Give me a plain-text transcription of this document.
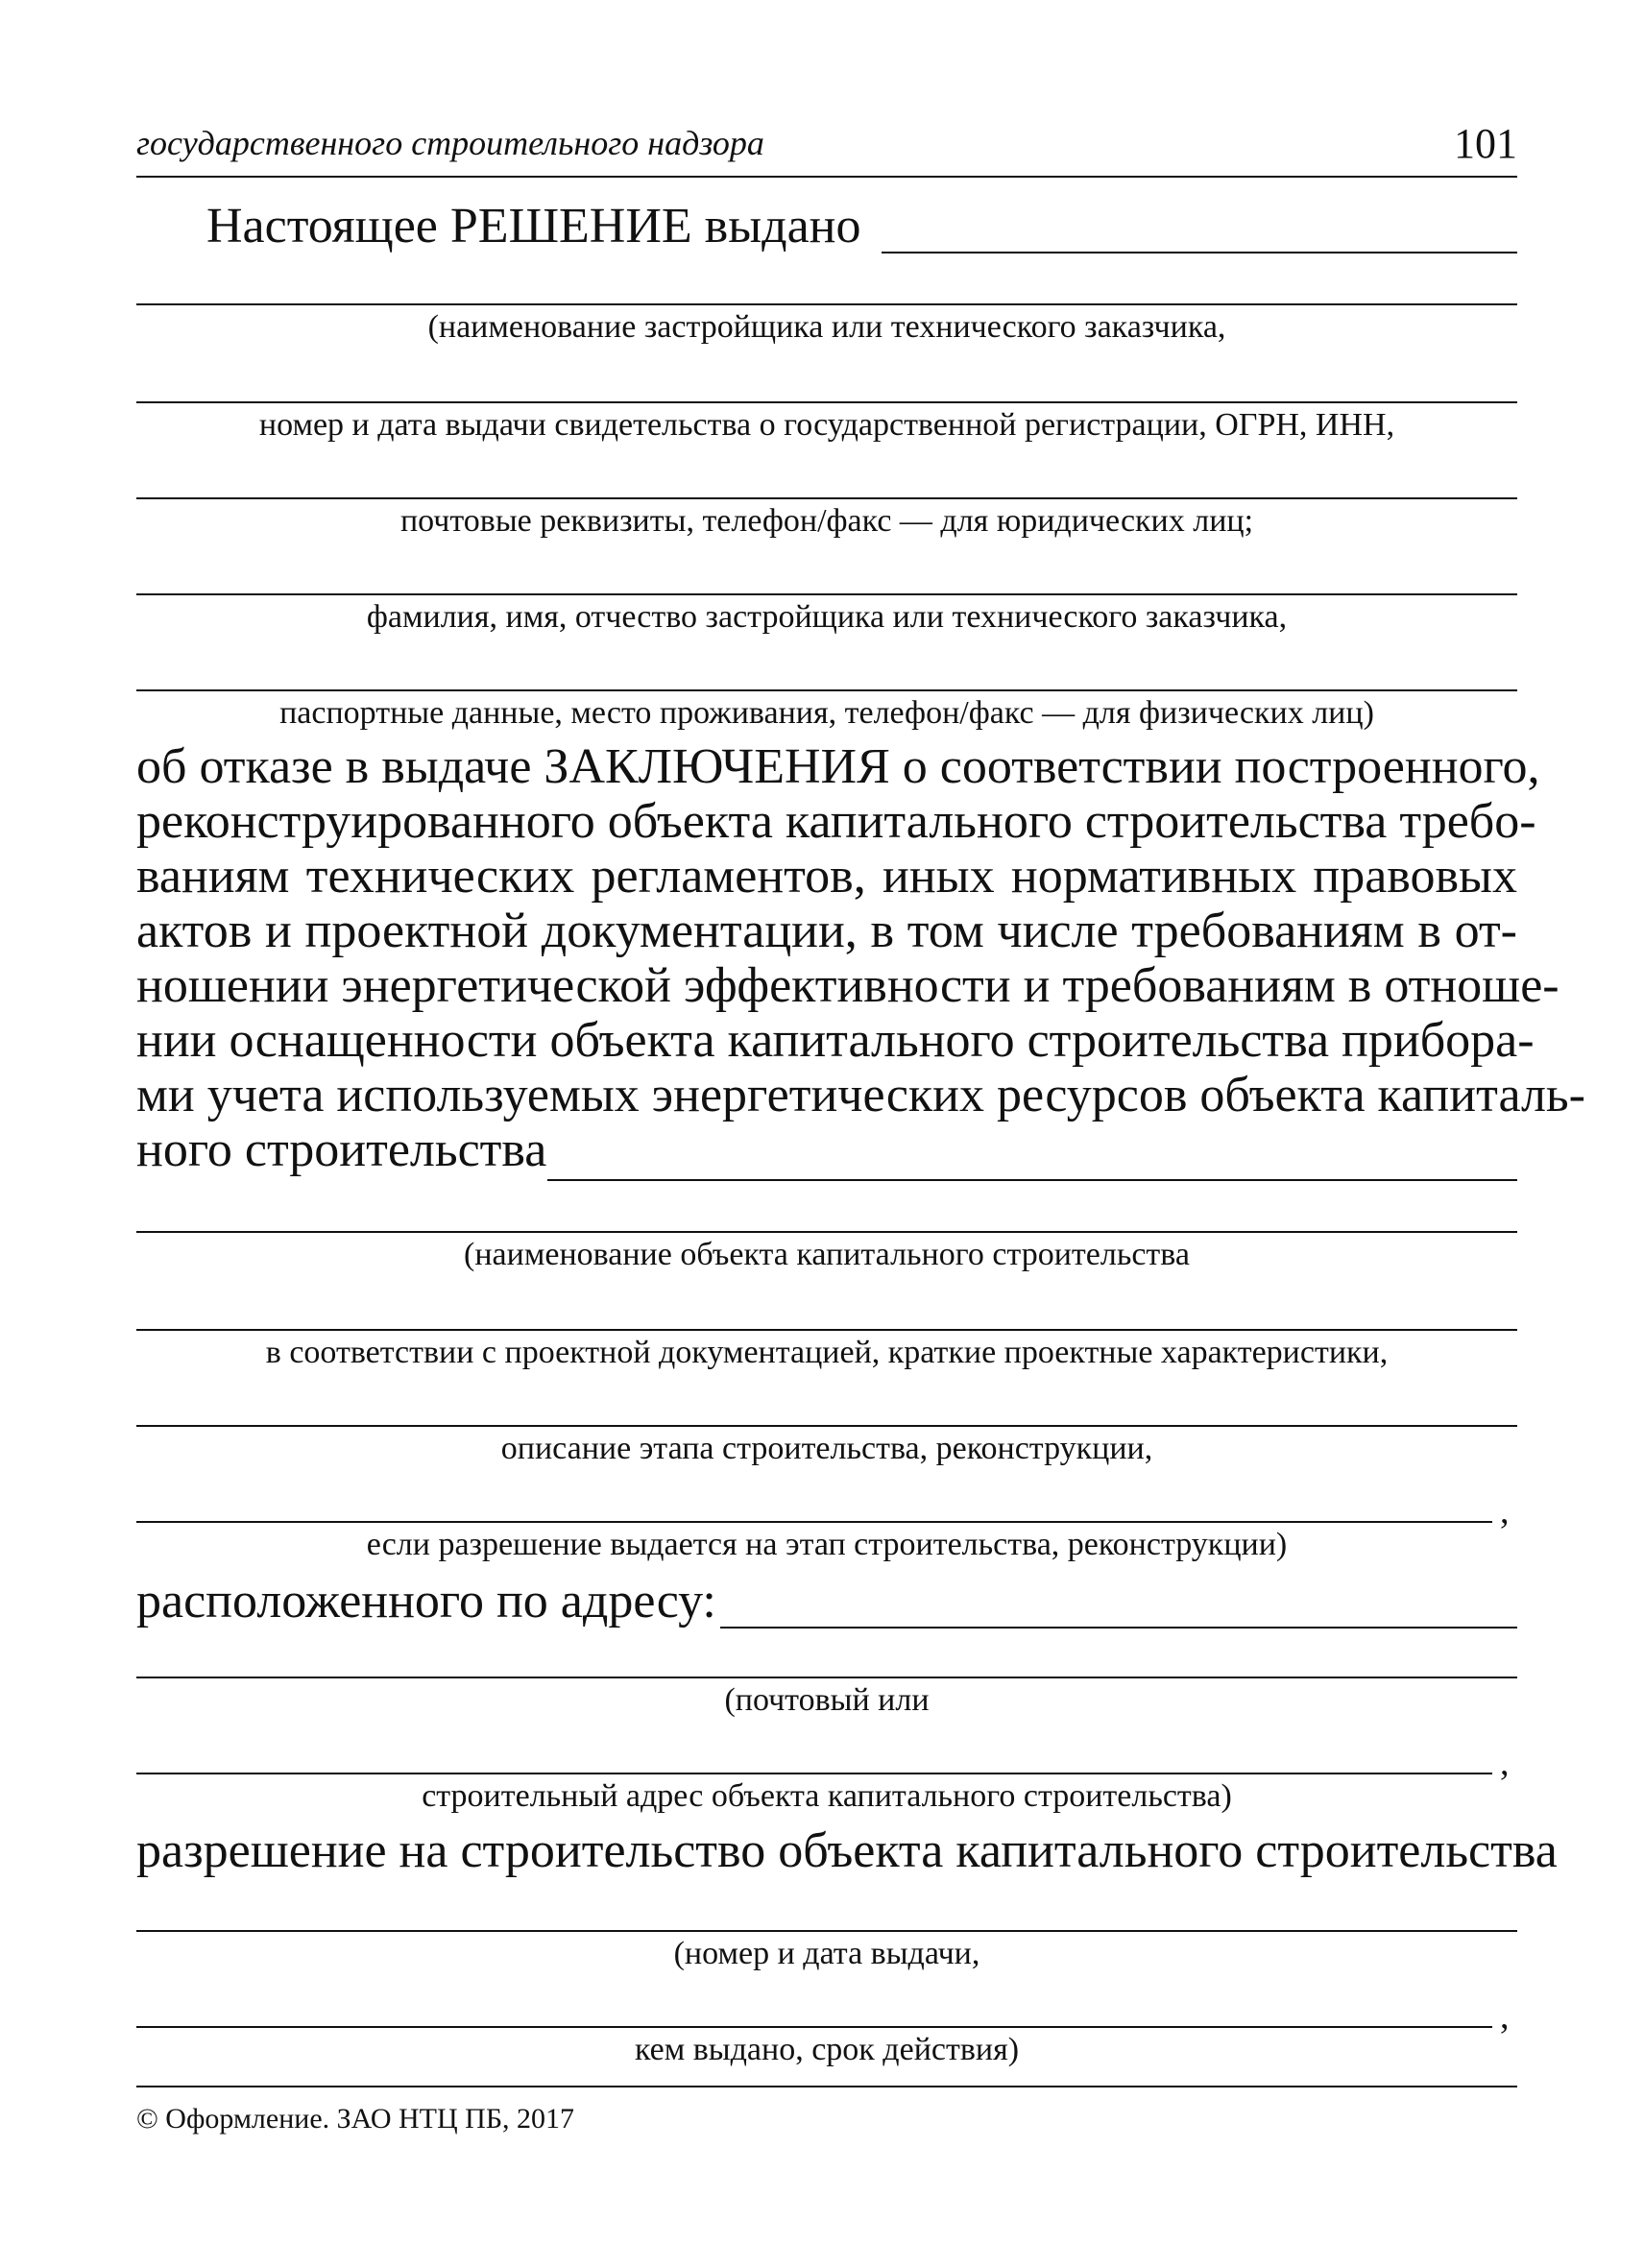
государственного строительного надзора	101
Настоящее РЕШЕНИЕ выдано
(наименование застройщика или технического заказчика,
номер и дата выдачи свидетельства о государственной регистрации, ОГРН, ИНН,
почтовые реквизиты, телефон/факс — для юридических лиц;
фамилия, имя, отчество застройщика или технического заказчика,
паспортные данные, место проживания, телефон/факс — для физических лиц)
об отказе в выдаче ЗАКЛЮЧЕНИЯ о соответствии построенного,
реконструированного объекта капитального строительства требо-
ваниям технических регламентов, иных нормативных правовых
актов и проектной документации, в том числе требованиям в от-
ношении энергетической эффективности и требованиям в отноше-
нии оснащенности объекта капитального строительства прибора-
ми учета используемых энергетических ресурсов объекта капиталь-
ного строительства
(наименование объекта капитального строительства
в соответствии с проектной документацией, краткие проектные характеристики,
описание этапа строительства, реконструкции,
,
если разрешение выдается на этап строительства, реконструкции)
расположенного по адресу:
(почтовый или
,
строительный адрес объекта капитального строительства)
разрешение на строительство объекта капитального строительства
(номер и дата выдачи,
,
кем выдано, срок действия)
© Оформление. ЗАО НТЦ ПБ, 2017
